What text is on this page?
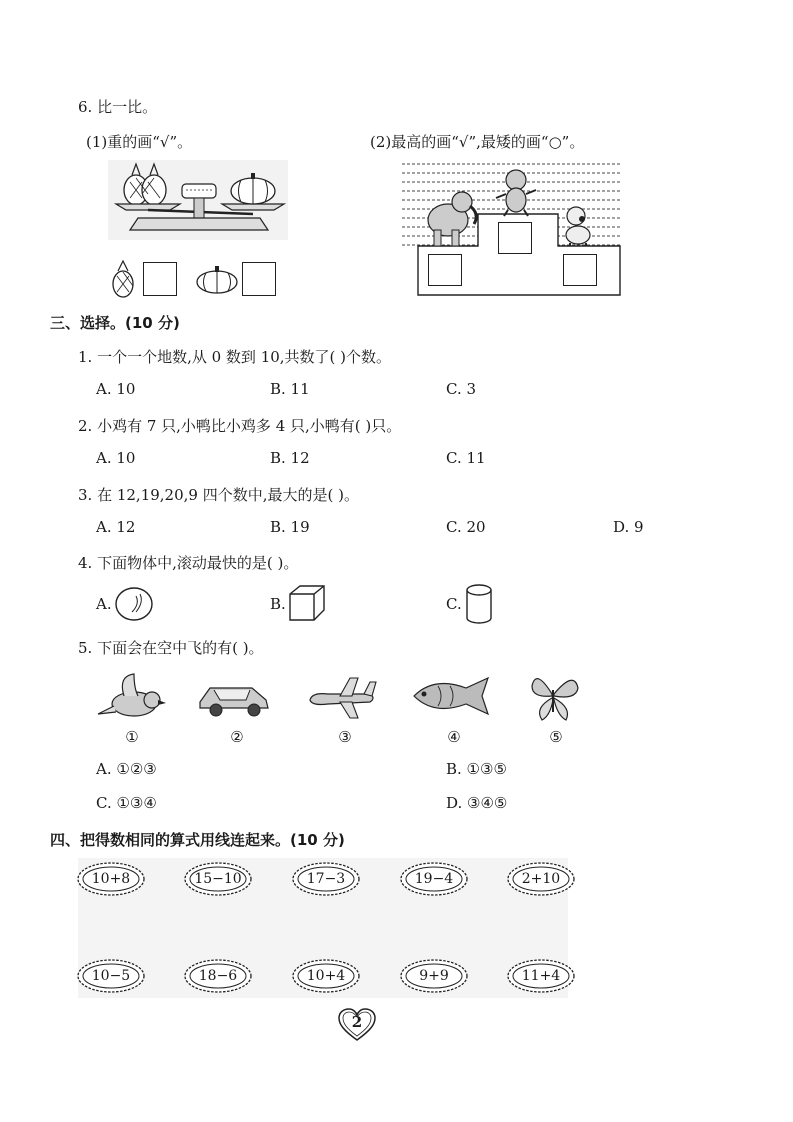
6. 比一比。
(1)重的画“√”。	(2)最高的画“√”,最矮的画“○”。
三、选择。(10 分)
1. 一个一个地数,从 0 数到 10,共数了( )个数。
A. 10	B. 11	C. 3
2. 小鸡有 7 只,小鸭比小鸡多 4 只,小鸭有( )只。
A. 10	B. 12	C. 11
3. 在 12,19,20,9 四个数中,最大的是( )。
A. 12	B. 19	C. 20	D. 9
4. 下面物体中,滚动最快的是( )。
A.	B.	C.
5. 下面会在空中飞的有( )。
①	②	③	④	⑤
A. ①②③	B. ①③⑤
C. ①③④	D. ③④⑤
四、把得数相同的算式用线连起来。(10 分)
10+8	15−10	17−3	19−4	2+10
10−5	18−6	10+4	9+9	11+4
2
